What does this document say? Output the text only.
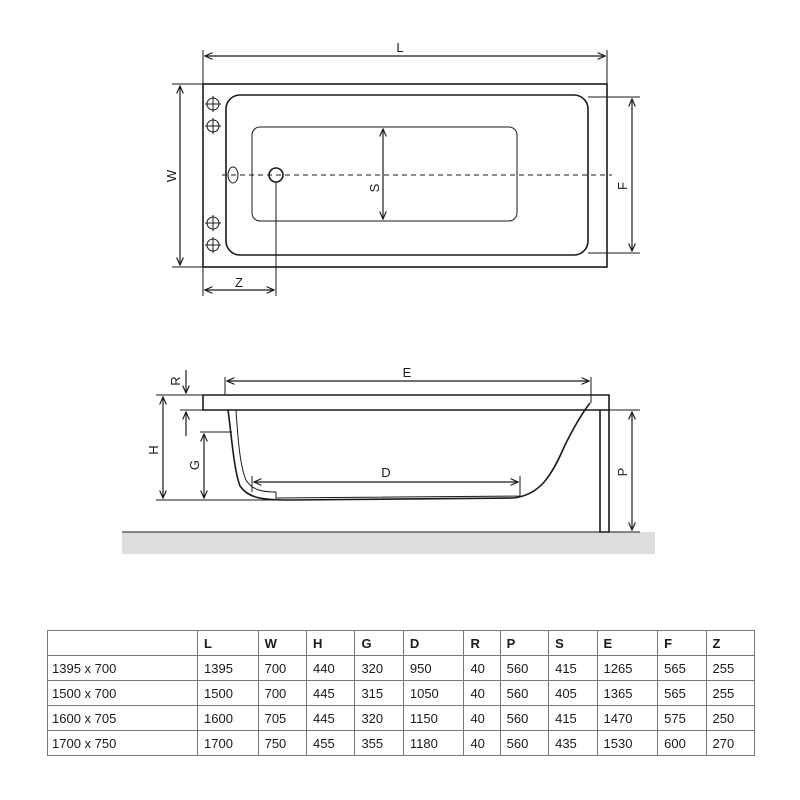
L
W
S	F
Z
E
R
H
G	D	P
	L	W	H	G	D	R	P	S	E	F	Z
1395 x 700	1395	700	440	320	950	40	560	415	1265	565	255
1500 x 700	1500	700	445	315	1050	40	560	405	1365	565	255
1600 x 705	1600	705	445	320	1150	40	560	415	1470	575	250
1700 x 750	1700	750	455	355	1180	40	560	435	1530	600	270
